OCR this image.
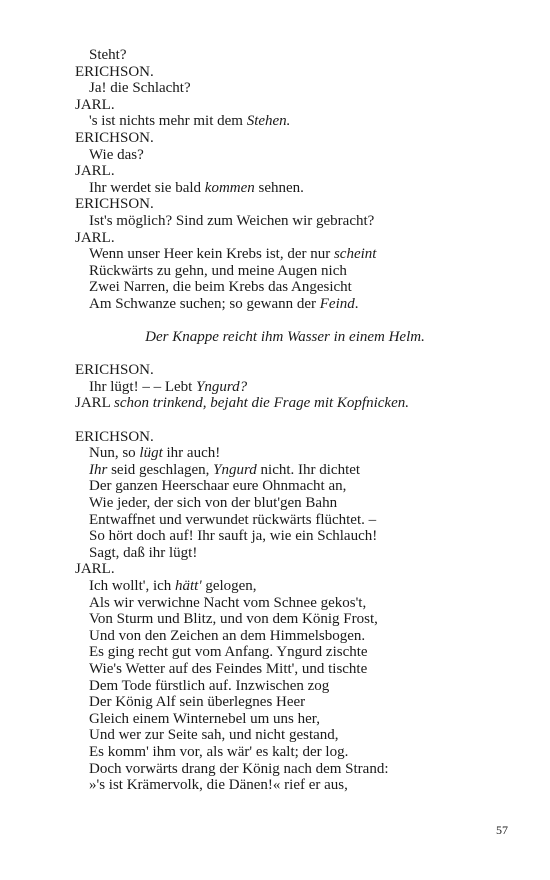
Steht?
ERICHSON.
Ja! die Schlacht?
JARL.
's ist nichts mehr mit dem Stehen.
ERICHSON.
Wie das?
JARL.
Ihr werdet sie bald kommen sehnen.
ERICHSON.
Ist's möglich? Sind zum Weichen wir gebracht?
JARL.
Wenn unser Heer kein Krebs ist, der nur scheint
Rückwärts zu gehn, und meine Augen nich
Zwei Narren, die beim Krebs das Angesicht
Am Schwanze suchen; so gewann der Feind.
Der Knappe reicht ihm Wasser in einem Helm.
ERICHSON.
Ihr lügt! – – Lebt Yngurd?
JARL schon trinkend, bejaht die Frage mit Kopfnicken.
ERICHSON.
Nun, so lügt ihr auch!
Ihr seid geschlagen, Yngurd nicht. Ihr dichtet
Der ganzen Heerschaar eure Ohnmacht an,
Wie jeder, der sich von der blut'gen Bahn
Entwaffnet und verwundet rückwärts flüchtet. –
So hört doch auf! Ihr sauft ja, wie ein Schlauch!
Sagt, daß ihr lügt!
JARL.
Ich wollt', ich hätt' gelogen,
Als wir verwichne Nacht vom Schnee gekos't,
Von Sturm und Blitz, und von dem König Frost,
Und von den Zeichen an dem Himmelsbogen.
Es ging recht gut vom Anfang. Yngurd zischte
Wie's Wetter auf des Feindes Mitt', und tischte
Dem Tode fürstlich auf. Inzwischen zog
Der König Alf sein überlegnes Heer
Gleich einem Winternebel um uns her,
Und wer zur Seite sah, und nicht gestand,
Es komm' ihm vor, als wär' es kalt; der log.
Doch vorwärts drang der König nach dem Strand:
»'s ist Krämervolk, die Dänen!« rief er aus,
57
